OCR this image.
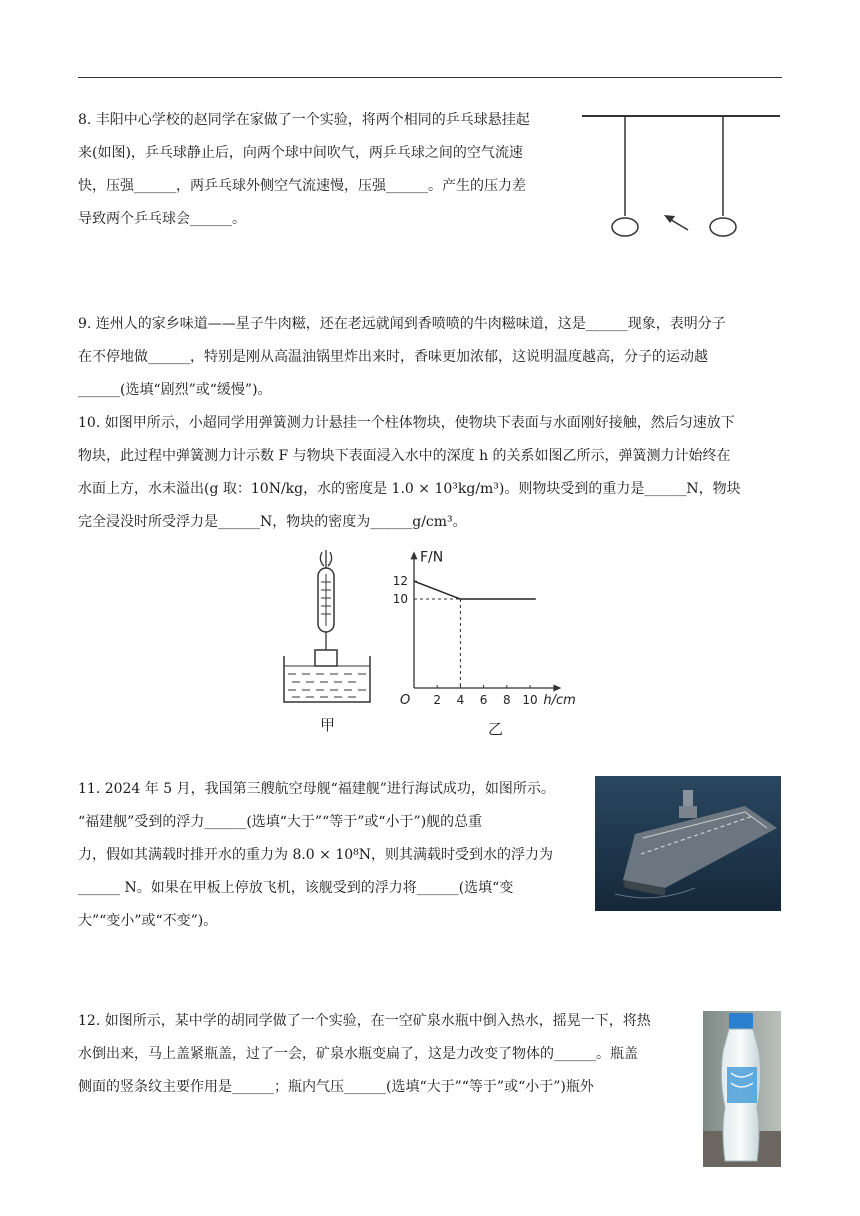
8. 丰阳中心学校的赵同学在家做了一个实验，将两个相同的乒乓球悬挂起

来(如图)，乒乓球静止后，向两个球中间吹气，两乒乓球之间的空气流速

快，压强______，两乒乓球外侧空气流速慢，压强______。产生的压力差

导致两个乒乓球会______。

9. 连州人的家乡味道——星子牛肉糍，还在老远就闻到香喷喷的牛肉糍味道，这是______现象，表明分子

在不停地做______，特别是刚从高温油锅里炸出来时，香味更加浓郁，这说明温度越高，分子的运动越

______(选填“剧烈”或“缓慢”)。

10. 如图甲所示，小超同学用弹簧测力计悬挂一个柱体物块，使物块下表面与水面刚好接触，然后匀速放下

物块，此过程中弹簧测力计示数 F 与物块下表面浸入水中的深度 h 的关系如图乙所示，弹簧测力计始终在

水面上方，水未溢出(g 取：10N/kg，水的密度是 1.0 × 10³kg/m³)。则物块受到的重力是______N，物块

完全浸没时所受浮力是______N，物块的密度为______g/cm³。

甲
F/N
h/cm
O 2 4 6 8 10
10
12
乙

11. 2024 年 5 月，我国第三艘航空母舰“福建舰”进行海试成功，如图所示。

“福建舰”受到的浮力______(选填“大于”“等于”或“小于”)舰的总重

力，假如其满载时排开水的重力为 8.0 × 10⁸N，则其满载时受到水的浮力为

______ N。如果在甲板上停放飞机，该舰受到的浮力将______(选填“变

大”“变小”或“不变”)。

12. 如图所示，某中学的胡同学做了一个实验，在一空矿泉水瓶中倒入热水，摇晃一下，将热

水倒出来，马上盖紧瓶盖，过了一会，矿泉水瓶变扁了，这是力改变了物体的______。瓶盖

侧面的竖条纹主要作用是______；瓶内气压______(选填“大于”“等于”或“小于”)瓶外
